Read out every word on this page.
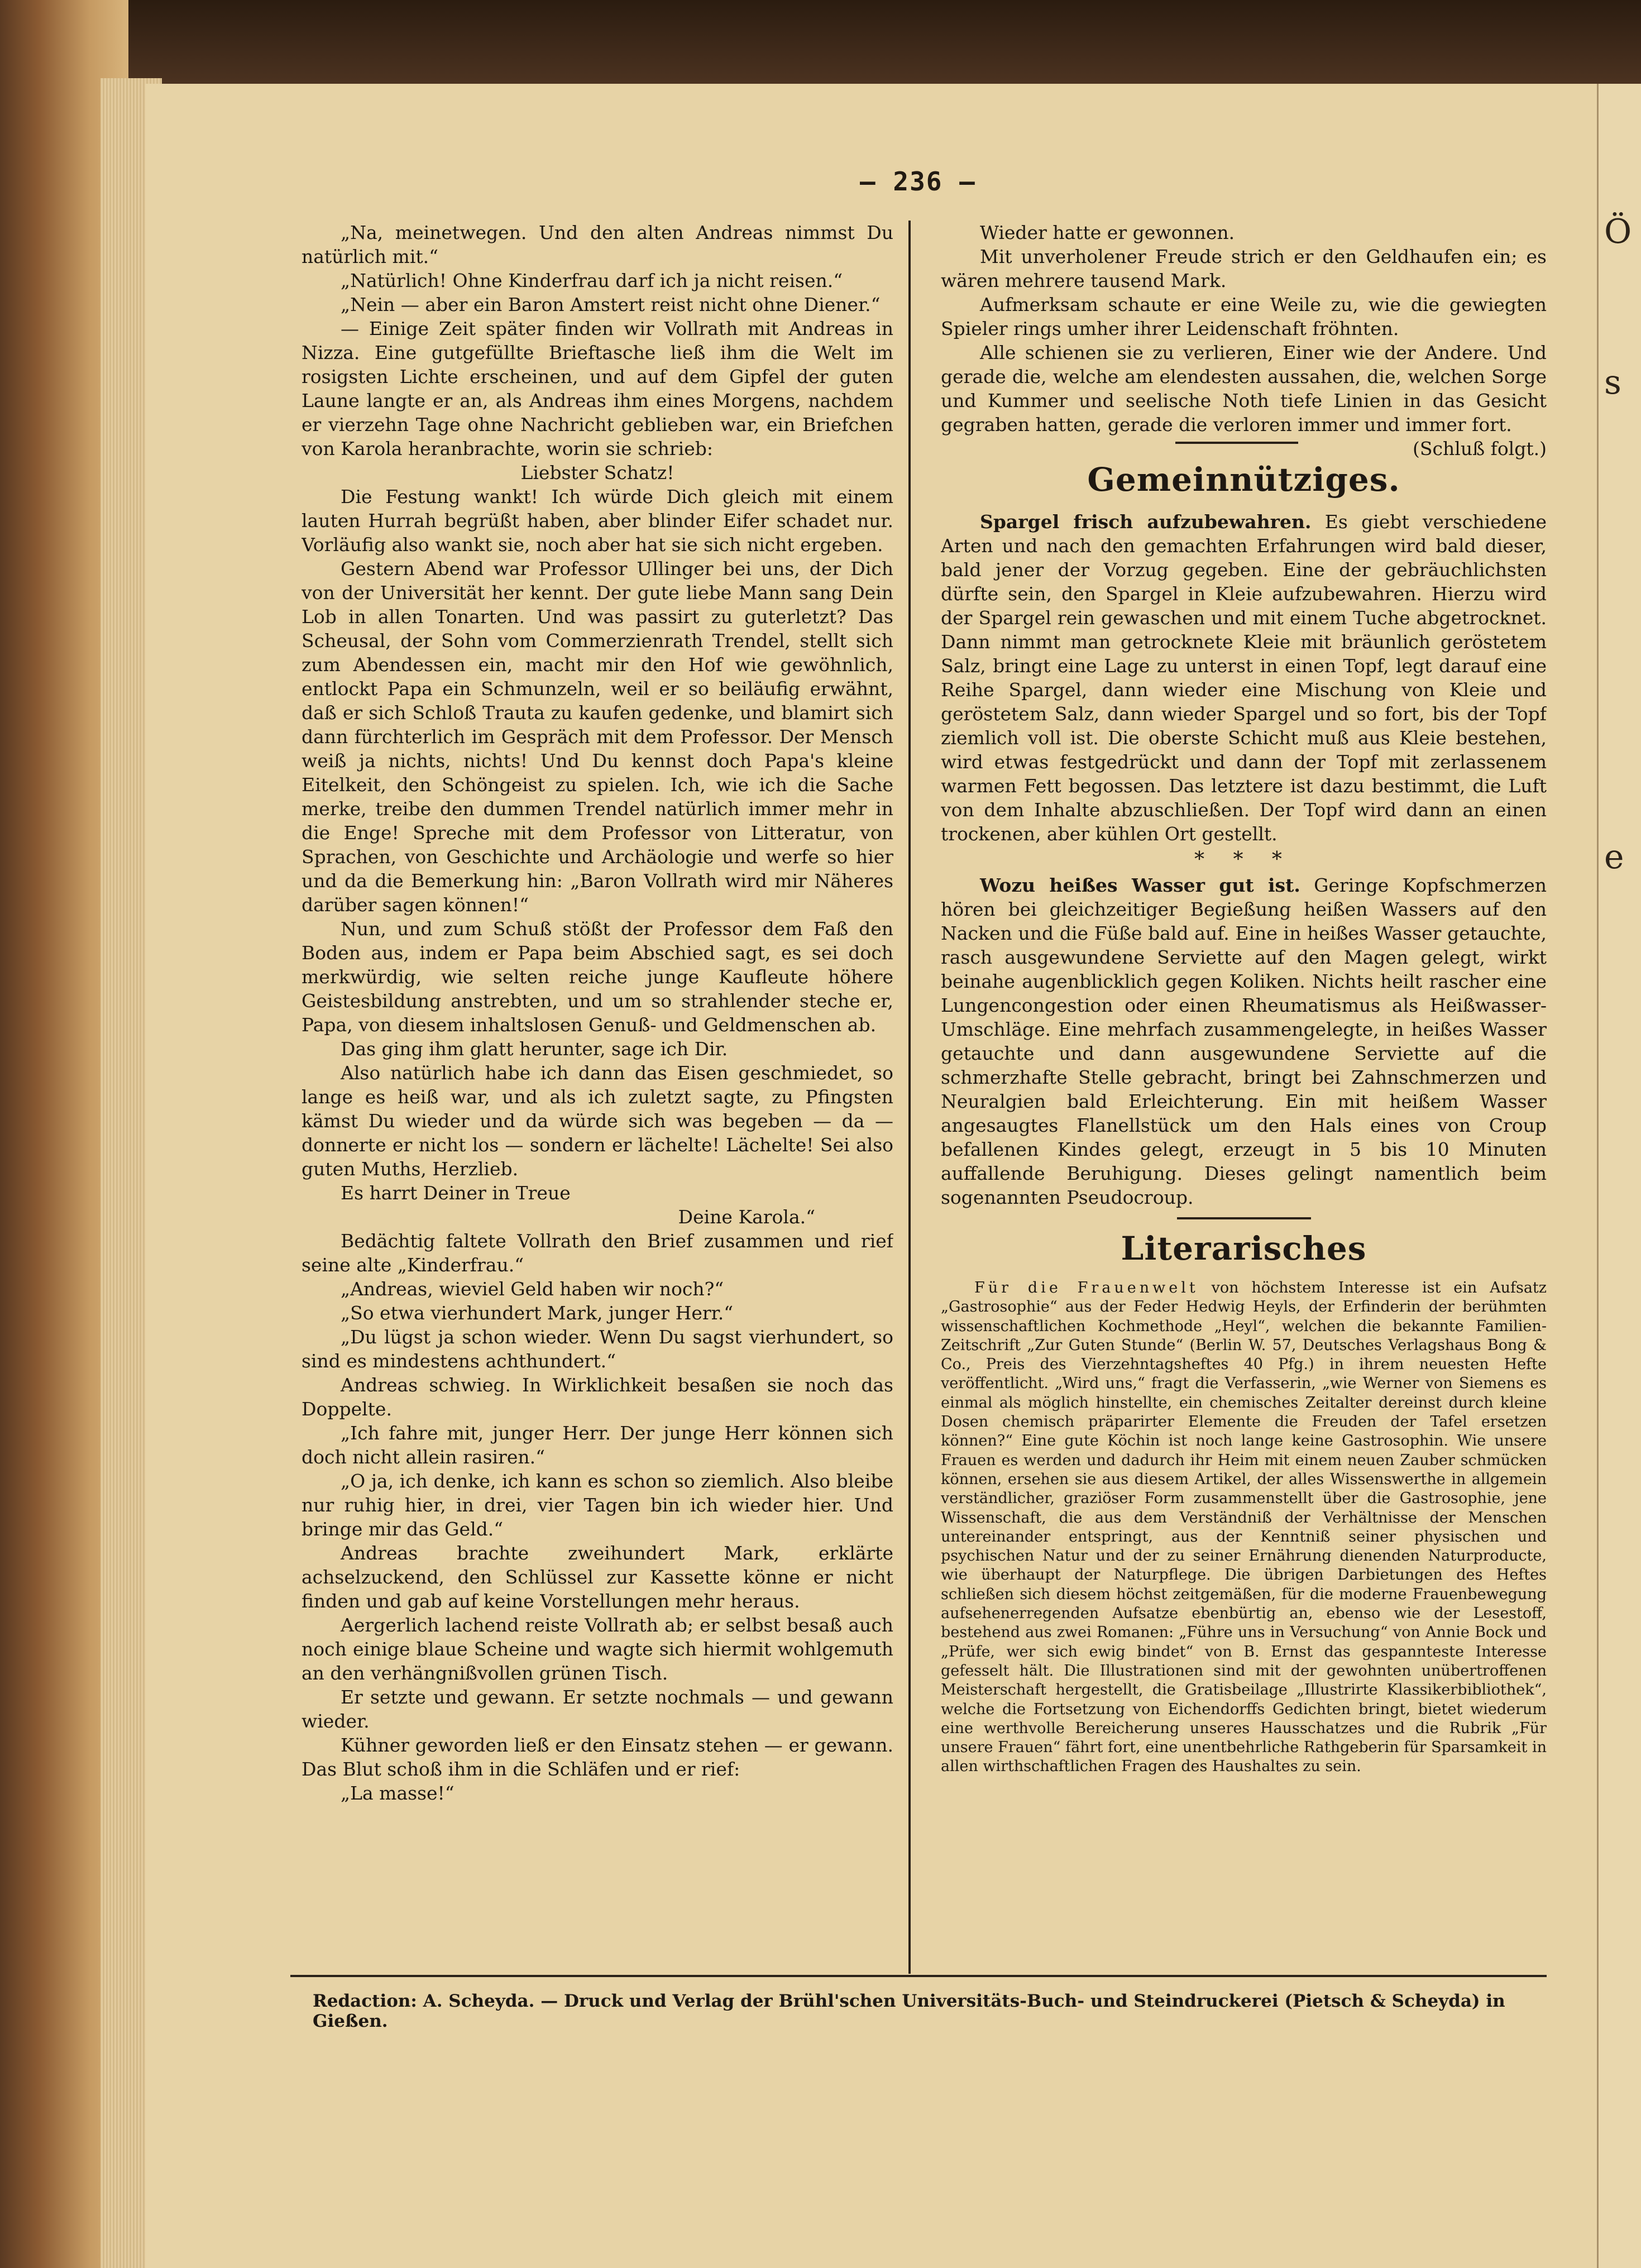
Ö
s
e
— 236 —

„Na, meinetwegen. Und den alten Andreas nimmst Du natürlich mit.“

„Natürlich! Ohne Kinderfrau darf ich ja nicht reisen.“

„Nein — aber ein Baron Amstert reist nicht ohne Diener.“

— Einige Zeit später finden wir Vollrath mit Andreas in Nizza. Eine gutgefüllte Brieftasche ließ ihm die Welt im rosigsten Lichte erscheinen, und auf dem Gipfel der guten Laune langte er an, als Andreas ihm eines Morgens, nachdem er vierzehn Tage ohne Nachricht geblieben war, ein Briefchen von Karola heranbrachte, worin sie schrieb:

Liebster Schatz!

Die Festung wankt! Ich würde Dich gleich mit einem lauten Hurrah begrüßt haben, aber blinder Eifer schadet nur. Vorläufig also wankt sie, noch aber hat sie sich nicht ergeben.

Gestern Abend war Professor Ullinger bei uns, der Dich von der Universität her kennt. Der gute liebe Mann sang Dein Lob in allen Tonarten. Und was passirt zu guterletzt? Das Scheusal, der Sohn vom Commerzienrath Trendel, stellt sich zum Abendessen ein, macht mir den Hof wie gewöhnlich, entlockt Papa ein Schmunzeln, weil er so beiläufig erwähnt, daß er sich Schloß Trauta zu kaufen gedenke, und blamirt sich dann fürchterlich im Gespräch mit dem Professor. Der Mensch weiß ja nichts, nichts! Und Du kennst doch Papa's kleine Eitelkeit, den Schöngeist zu spielen. Ich, wie ich die Sache merke, treibe den dummen Trendel natürlich immer mehr in die Enge! Spreche mit dem Professor von Litteratur, von Sprachen, von Geschichte und Archäologie und werfe so hier und da die Bemerkung hin: „Baron Vollrath wird mir Näheres darüber sagen können!“

Nun, und zum Schuß stößt der Professor dem Faß den Boden aus, indem er Papa beim Abschied sagt, es sei doch merkwürdig, wie selten reiche junge Kaufleute höhere Geistesbildung anstrebten, und um so strahlender steche er, Papa, von diesem inhaltslosen Genuß- und Geldmenschen ab.

Das ging ihm glatt herunter, sage ich Dir.

Also natürlich habe ich dann das Eisen geschmiedet, so lange es heiß war, und als ich zuletzt sagte, zu Pfingsten kämst Du wieder und da würde sich was begeben — da — donnerte er nicht los — sondern er lächelte! Lächelte! Sei also guten Muths, Herzlieb.

Es harrt Deiner in Treue

Deine Karola.“

Bedächtig faltete Vollrath den Brief zusammen und rief seine alte „Kinderfrau.“

„Andreas, wieviel Geld haben wir noch?“

„So etwa vierhundert Mark, junger Herr.“

„Du lügst ja schon wieder. Wenn Du sagst vierhundert, so sind es mindestens achthundert.“

Andreas schwieg. In Wirklichkeit besaßen sie noch das Doppelte.

„Ich fahre mit, junger Herr. Der junge Herr können sich doch nicht allein rasiren.“

„O ja, ich denke, ich kann es schon so ziemlich. Also bleibe nur ruhig hier, in drei, vier Tagen bin ich wieder hier. Und bringe mir das Geld.“

Andreas brachte zweihundert Mark, erklärte achselzuckend, den Schlüssel zur Kassette könne er nicht finden und gab auf keine Vorstellungen mehr heraus.

Aergerlich lachend reiste Vollrath ab; er selbst besaß auch noch einige blaue Scheine und wagte sich hiermit wohlgemuth an den verhängnißvollen grünen Tisch.

Er setzte und gewann. Er setzte nochmals — und gewann wieder.

Kühner geworden ließ er den Einsatz stehen — er gewann. Das Blut schoß ihm in die Schläfen und er rief:

„La masse!“

Wieder hatte er gewonnen.

Mit unverholener Freude strich er den Geldhaufen ein; es wären mehrere tausend Mark.

Aufmerksam schaute er eine Weile zu, wie die gewiegten Spieler rings umher ihrer Leidenschaft fröhnten.

Alle schienen sie zu verlieren, Einer wie der Andere. Und gerade die, welche am elendesten aussahen, die, welchen Sorge und Kummer und seelische Noth tiefe Linien in das Gesicht gegraben hatten, gerade die verloren immer und immer fort.

(Schluß folgt.)

Gemeinnütziges.

Spargel frisch aufzubewahren. Es giebt verschiedene Arten und nach den gemachten Erfahrungen wird bald dieser, bald jener der Vorzug gegeben. Eine der gebräuchlichsten dürfte sein, den Spargel in Kleie aufzubewahren. Hierzu wird der Spargel rein gewaschen und mit einem Tuche abgetrocknet. Dann nimmt man getrocknete Kleie mit bräunlich geröstetem Salz, bringt eine Lage zu unterst in einen Topf, legt darauf eine Reihe Spargel, dann wieder eine Mischung von Kleie und geröstetem Salz, dann wieder Spargel und so fort, bis der Topf ziemlich voll ist. Die oberste Schicht muß aus Kleie bestehen, wird etwas festgedrückt und dann der Topf mit zerlassenem warmen Fett begossen. Das letztere ist dazu bestimmt, die Luft von dem Inhalte abzuschließen. Der Topf wird dann an einen trockenen, aber kühlen Ort gestellt.

* * *

Wozu heißes Wasser gut ist. Geringe Kopfschmerzen hören bei gleichzeitiger Begießung heißen Wassers auf den Nacken und die Füße bald auf. Eine in heißes Wasser getauchte, rasch ausgewundene Serviette auf den Magen gelegt, wirkt beinahe augenblicklich gegen Koliken. Nichts heilt rascher eine Lungencongestion oder einen Rheumatismus als Heißwasser-Umschläge. Eine mehrfach zusammengelegte, in heißes Wasser getauchte und dann ausgewundene Serviette auf die schmerzhafte Stelle gebracht, bringt bei Zahnschmerzen und Neuralgien bald Erleichterung. Ein mit heißem Wasser angesaugtes Flanellstück um den Hals eines von Croup befallenen Kindes gelegt, erzeugt in 5 bis 10 Minuten auffallende Beruhigung. Dieses gelingt namentlich beim sogenannten Pseudocroup.

Literarisches

Für die Frauenwelt von höchstem Interesse ist ein Aufsatz „Gastrosophie“ aus der Feder Hedwig Heyls, der Erfinderin der berühmten wissenschaftlichen Kochmethode „Heyl“, welchen die bekannte Familien-Zeitschrift „Zur Guten Stunde“ (Berlin W. 57, Deutsches Verlagshaus Bong & Co., Preis des Vierzehntagsheftes 40 Pfg.) in ihrem neuesten Hefte veröffentlicht. „Wird uns,“ fragt die Verfasserin, „wie Werner von Siemens es einmal als möglich hinstellte, ein chemisches Zeitalter dereinst durch kleine Dosen chemisch präparirter Elemente die Freuden der Tafel ersetzen können?“ Eine gute Köchin ist noch lange keine Gastrosophin. Wie unsere Frauen es werden und dadurch ihr Heim mit einem neuen Zauber schmücken können, ersehen sie aus diesem Artikel, der alles Wissenswerthe in allgemein verständlicher, graziöser Form zusammenstellt über die Gastrosophie, jene Wissenschaft, die aus dem Verständniß der Verhältnisse der Menschen untereinander entspringt, aus der Kenntniß seiner physischen und psychischen Natur und der zu seiner Ernährung dienenden Naturproducte, wie überhaupt der Naturpflege. Die übrigen Darbietungen des Heftes schließen sich diesem höchst zeitgemäßen, für die moderne Frauenbewegung aufsehenerregenden Aufsatze ebenbürtig an, ebenso wie der Lesestoff, bestehend aus zwei Romanen: „Führe uns in Versuchung“ von Annie Bock und „Prüfe, wer sich ewig bindet“ von B. Ernst das gespannteste Interesse gefesselt hält. Die Illustrationen sind mit der gewohnten unübertroffenen Meisterschaft hergestellt, die Gratisbeilage „Illustrirte Klassikerbibliothek“, welche die Fortsetzung von Eichendorffs Gedichten bringt, bietet wiederum eine werthvolle Bereicherung unseres Hausschatzes und die Rubrik „Für unsere Frauen“ fährt fort, eine unentbehrliche Rathgeberin für Sparsamkeit in allen wirthschaftlichen Fragen des Haushaltes zu sein.

Redaction: A. Scheyda. — Druck und Verlag der Brühl'schen Universitäts-Buch- und Steindruckerei (Pietsch & Scheyda) in Gießen.
